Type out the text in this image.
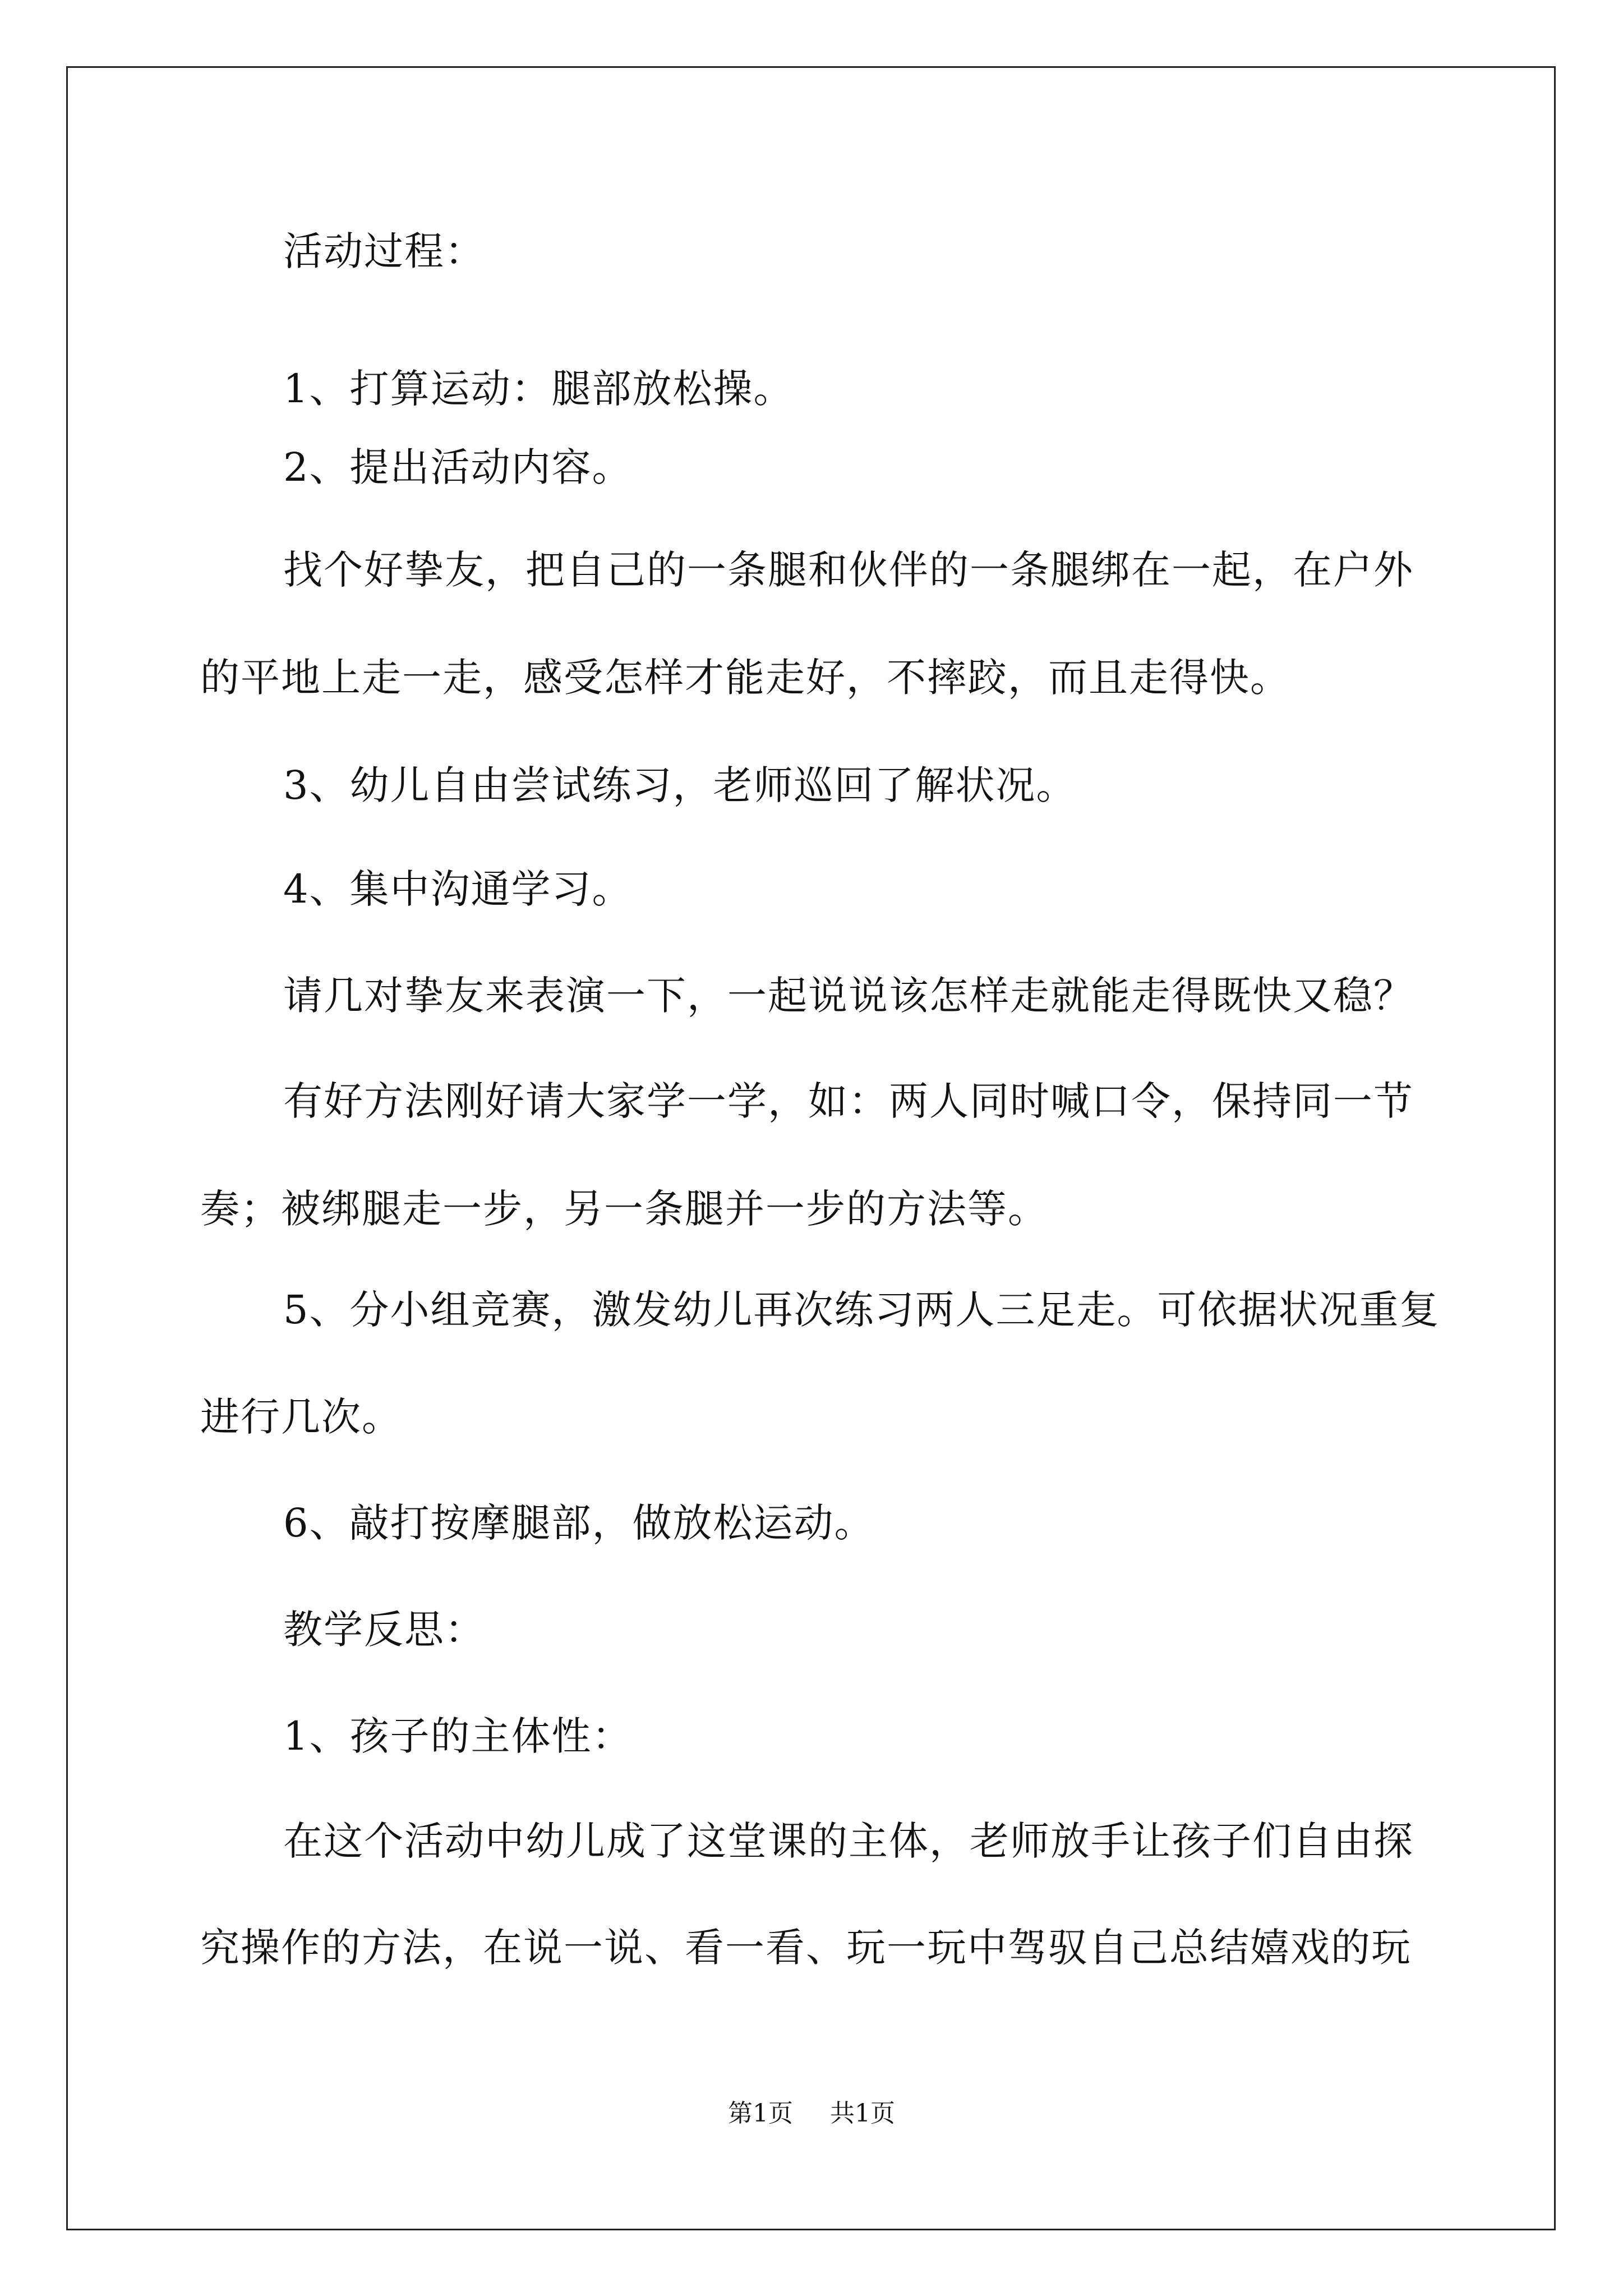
活动过程：
1、打算运动：腿部放松操。
2、提出活动内容。
找个好挚友，把自己的一条腿和伙伴的一条腿绑在一起，在户外
的平地上走一走，感受怎样才能走好，不摔跤，而且走得快。
3、幼儿自由尝试练习，老师巡回了解状况。
4、集中沟通学习。
请几对挚友来表演一下，一起说说该怎样走就能走得既快又稳？
有好方法刚好请大家学一学，如：两人同时喊口令，保持同一节
奏；被绑腿走一步，另一条腿并一步的方法等。
5、分小组竞赛，激发幼儿再次练习两人三足走。可依据状况重复
进行几次。
6、敲打按摩腿部，做放松运动。
教学反思：
1、孩子的主体性：
在这个活动中幼儿成了这堂课的主体，老师放手让孩子们自由探
究操作的方法，在说一说、看一看、玩一玩中驾驭自己总结嬉戏的玩
第1页 共1页
